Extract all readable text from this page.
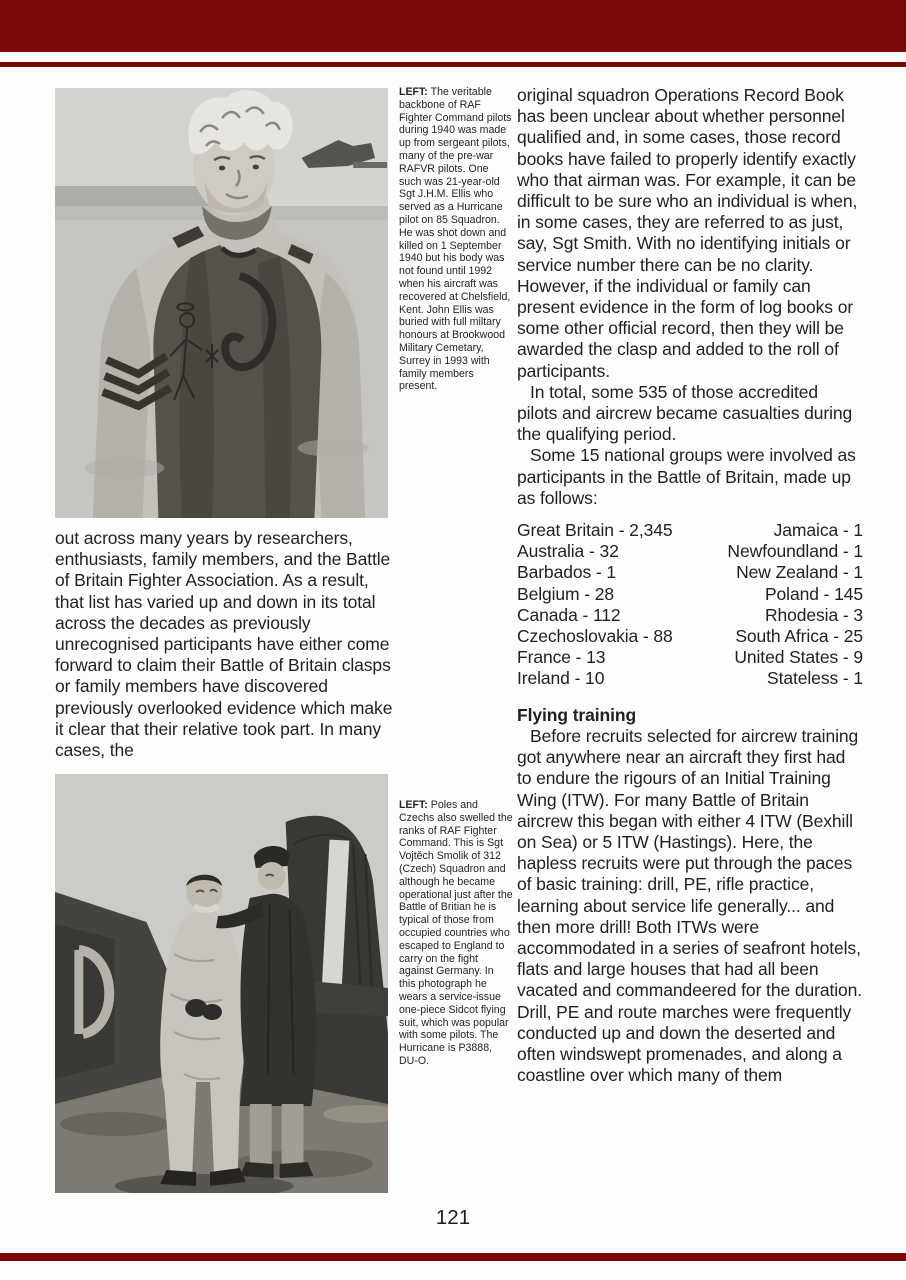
LEFT: The veritable backbone of RAF Fighter Command pilots during 1940 was made up from sergeant pilots, many of the pre-war RAFVR pilots. One such was 21-year-old Sgt J.H.M. Ellis who served as a Hurricane pilot on 85 Squadron. He was shot down and killed on 1 September 1940 but his body was not found until 1992 when his aircraft was recovered at Chelsfield, Kent. John Ellis was buried with full miltary honours at Brookwood Military Cemetary, Surrey in 1993 with family members present.
out across many years by researchers, enthusiasts, family members, and the Battle of Britain Fighter Association. As a result, that list has varied up and down in its total across the decades as previously unrecognised participants have either come forward to claim their Battle of Britain clasps or family members have discovered previously overlooked evidence which make it clear that their relative took part. In many cases, the
LEFT: Poles and Czechs also swelled the ranks of RAF Fighter Command. This is Sgt Vojtěch Smolik of 312 (Czech) Squadron and although he became operational just after the Battle of Britian he is typical of those from occupied countries who escaped to England to carry on the fight against Germany. In this photograph he wears a service-issue one-piece Sidcot flying suit, which was popular with some pilots. The Hurricane is P3888, DU-O.

original squadron Operations Record Book has been unclear about whether personnel qualified and, in some cases, those record books have failed to properly identify exactly who that airman was. For example, it can be difficult to be sure who an individual is when, in some cases, they are referred to as just, say, Sgt Smith. With no identifying initials or service number there can be no clarity. However, if the individual or family can present evidence in the form of log books or some other official record, then they will be awarded the clasp and added to the roll of participants.

In total, some 535 of those accredited pilots and aircrew became casualties during the qualifying period.

Some 15 national groups were involved as participants in the Battle of Britain, made up as follows:

Great Britain - 2,345	Jamaica - 1
Australia - 32	Newfoundland - 1
Barbados - 1	New Zealand - 1
Belgium - 28	Poland - 145
Canada - 112	Rhodesia - 3
Czechoslovakia - 88	South Africa - 25
France - 13	United States - 9
Ireland - 10	Stateless - 1

Flying training

Before recruits selected for aircrew training got anywhere near an aircraft they first had to endure the rigours of an Initial Training Wing (ITW). For many Battle of Britain aircrew this began with either 4 ITW (Bexhill on Sea) or 5 ITW (Hastings). Here, the hapless recruits were put through the paces of basic training: drill, PE, rifle practice, learning about service life generally... and then more drill! Both ITWs were accommodated in a series of seafront hotels, flats and large houses that had all been vacated and commandeered for the duration. Drill, PE and route marches were frequently conducted up and down the deserted and often windswept promenades, and along a coastline over which many of them

121
